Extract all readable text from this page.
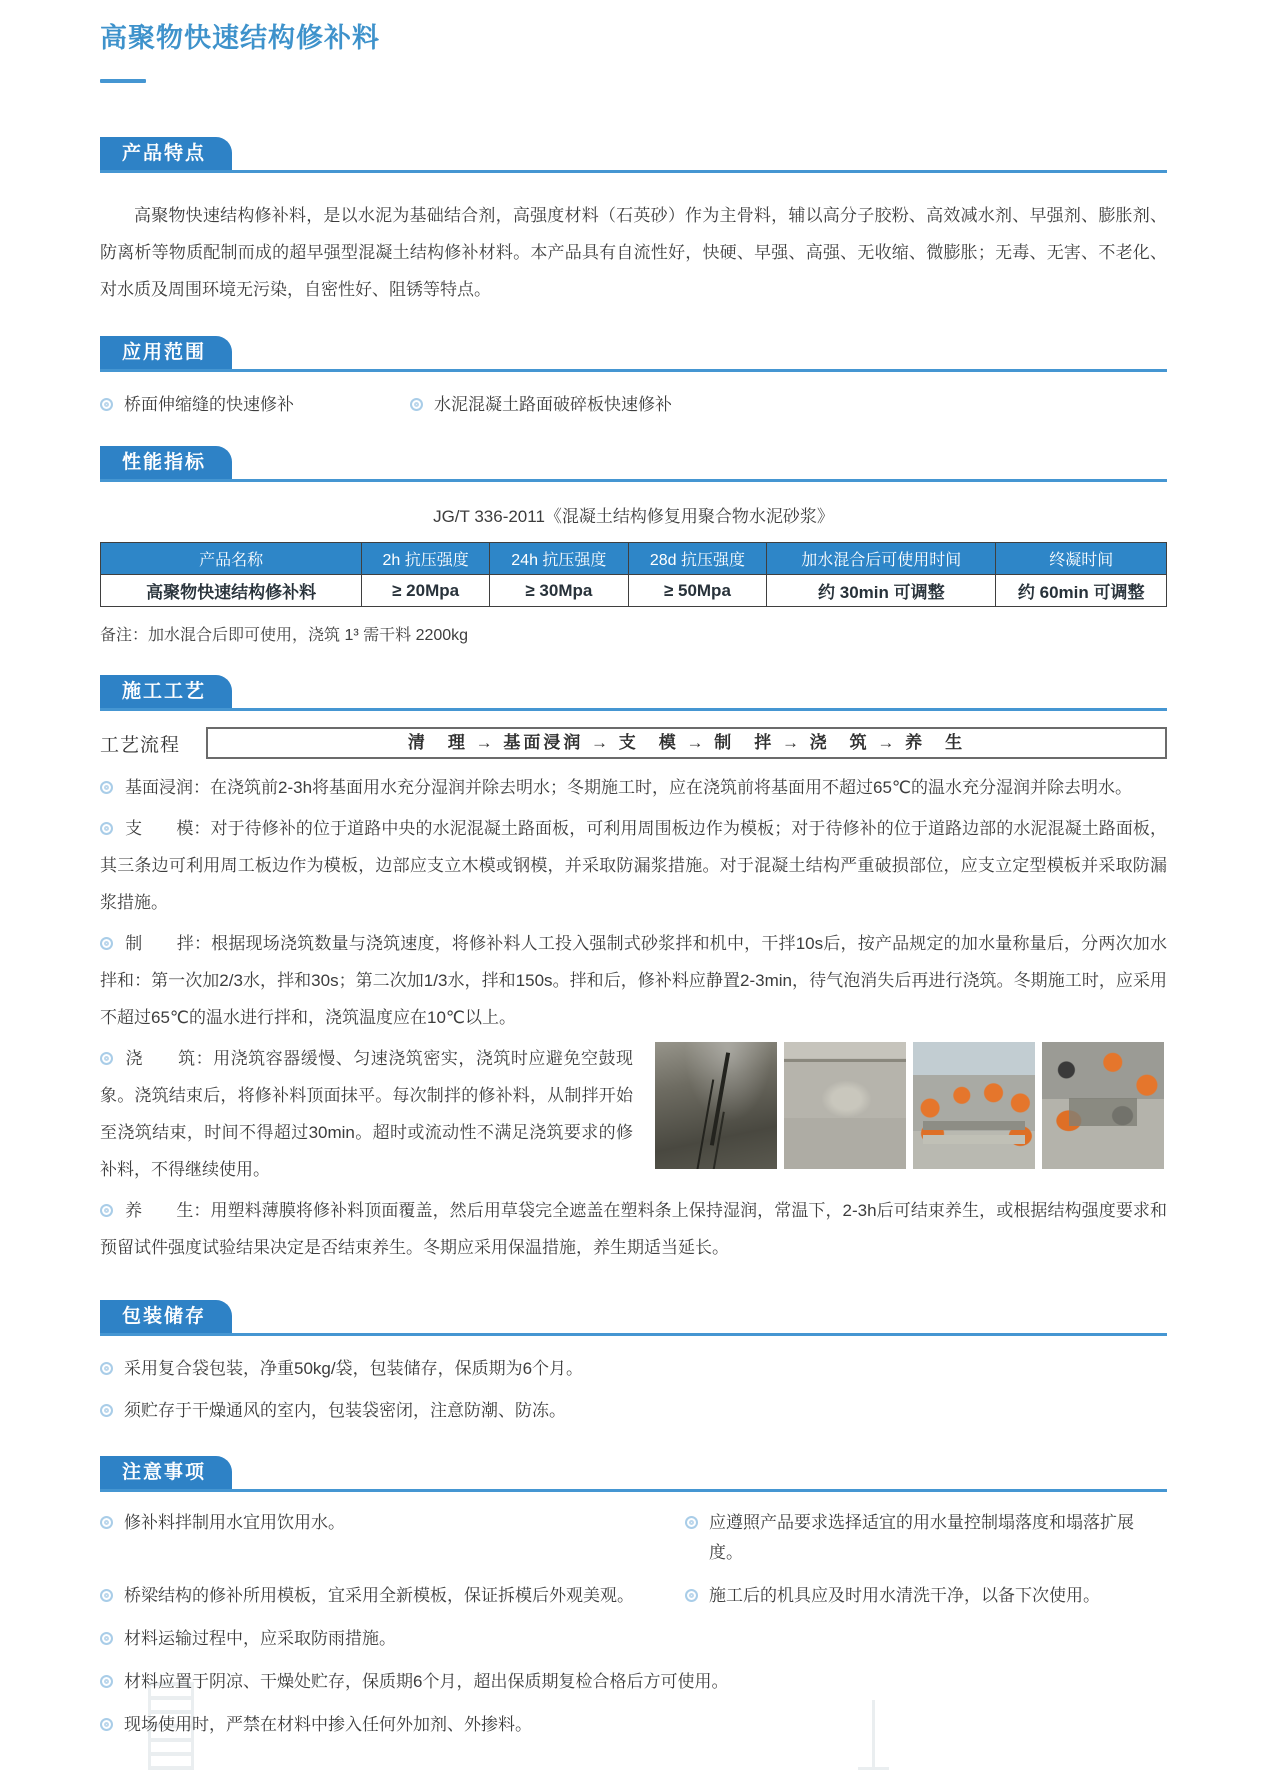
高聚物快速结构修补料
产品特点

高聚物快速结构修补料，是以水泥为基础结合剂，高强度材料（石英砂）作为主骨料，辅以高分子胶粉、高效减水剂、早强剂、膨胀剂、防离析等物质配制而成的超早强型混凝土结构修补材料。本产品具有自流性好，快硬、早强、高强、无收缩、微膨胀；无毒、无害、不老化、对水质及周围环境无污染，自密性好、阻锈等特点。

应用范围

桥面伸缩缝的快速修补	水泥混凝土路面破碎板快速修补

性能指标

JG/T 336-2011《混凝土结构修复用聚合物水泥砂浆》

产品名称	2h 抗压强度	24h 抗压强度	28d 抗压强度	加水混合后可使用时间	终凝时间
高聚物快速结构修补料	≥ 20Mpa	≥ 30Mpa	≥ 50Mpa	约 30min 可调整	约 60min 可调整

备注：加水混合后即可使用，浇筑 1³ 需干料 2200kg

施工工艺
工艺流程	清　理 → 基面浸润 → 支　模 → 制　拌 → 浇　筑 → 养　生

基面浸润：在浇筑前2-3h将基面用水充分湿润并除去明水；冬期施工时，应在浇筑前将基面用不超过65℃的温水充分湿润并除去明水。

支　　模：对于待修补的位于道路中央的水泥混凝土路面板，可利用周围板边作为模板；对于待修补的位于道路边部的水泥混凝土路面板，其三条边可利用周工板边作为模板，边部应支立木模或钢模，并采取防漏浆措施。对于混凝土结构严重破损部位，应支立定型模板并采取防漏浆措施。

制　　拌：根据现场浇筑数量与浇筑速度，将修补料人工投入强制式砂浆拌和机中，干拌10s后，按产品规定的加水量称量后，分两次加水拌和：第一次加2/3水，拌和30s；第二次加1/3水，拌和150s。拌和后，修补料应静置2-3min，待气泡消失后再进行浇筑。冬期施工时，应采用不超过65℃的温水进行拌和，浇筑温度应在10℃以上。

浇　　筑：用浇筑容器缓慢、匀速浇筑密实，浇筑时应避免空鼓现象。浇筑结束后，将修补料顶面抹平。每次制拌的修补料，从制拌开始至浇筑结束，时间不得超过30min。超时或流动性不满足浇筑要求的修补料，不得继续使用。

养　　生：用塑料薄膜将修补料顶面覆盖，然后用草袋完全遮盖在塑料条上保持湿润，常温下，2-3h后可结束养生，或根据结构强度要求和预留试件强度试验结果决定是否结束养生。冬期应采用保温措施，养生期适当延长。

包装储存

采用复合袋包装，净重50kg/袋，包装储存，保质期为6个月。

须贮存于干燥通风的室内，包装袋密闭，注意防潮、防冻。

注意事项

修补料拌制用水宜用饮用水。	应遵照产品要求选择适宜的用水量控制塌落度和塌落扩展度。

桥梁结构的修补所用模板，宜采用全新模板，保证拆模后外观美观。	施工后的机具应及时用水清洗干净，以备下次使用。

材料运输过程中，应采取防雨措施。

材料应置于阴凉、干燥处贮存，保质期6个月，超出保质期复检合格后方可使用。

现场使用时，严禁在材料中掺入任何外加剂、外掺料。
